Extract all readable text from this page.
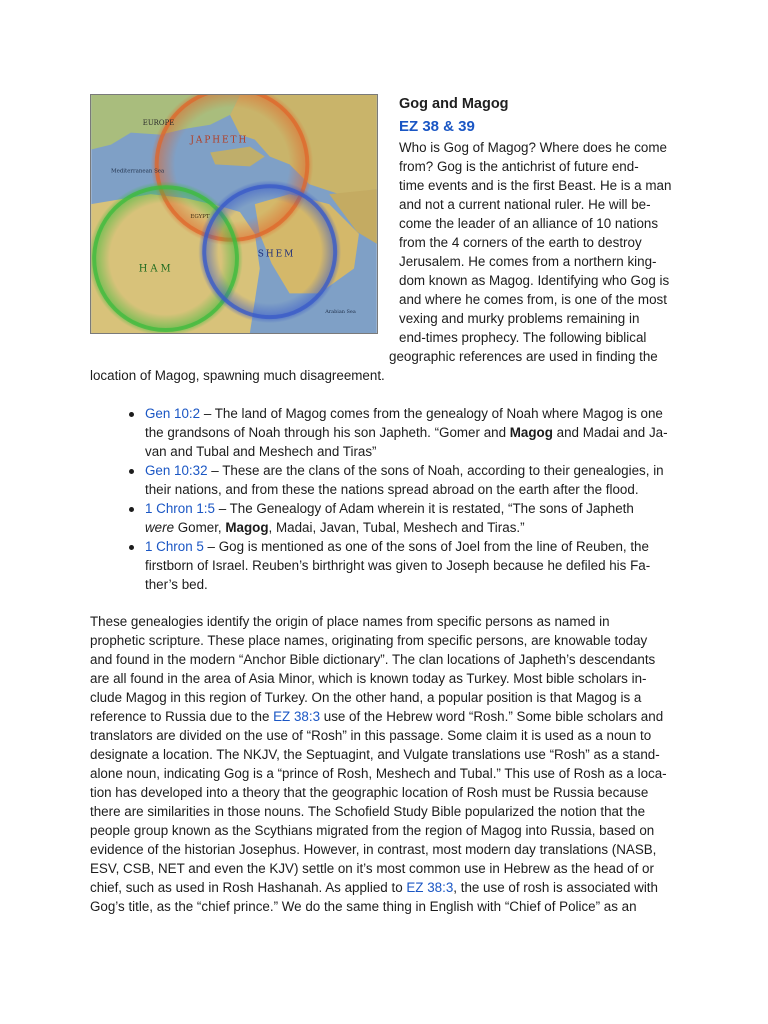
EUROPE
JAPHETH
HAM
SHEM
Mediterranean Sea
EGYPT
Arabian Sea
Gog and Magog
EZ 38 & 39

Who is Gog of Magog? Where does he come

from? Gog is the antichrist of future end-

time events and is the first Beast. He is a man

and not a current national ruler. He will be-

come the leader of an alliance of 10 nations

from the 4 corners of the earth to destroy

Jerusalem. He comes from a northern king-

dom known as Magog. Identifying who Gog is

and where he comes from, is one of the most

vexing and murky problems remaining in

end-times prophecy. The following biblical

geographic references are used in finding the

location of Magog, spawning much disagreement.

Gen 10:2 – The land of Magog comes from the genealogy of Noah where Magog is one

the grandsons of Noah through his son Japheth. “Gomer and Magog and Madai and Ja-

van and Tubal and Meshech and Tiras”

Gen 10:32 – These are the clans of the sons of Noah, according to their genealogies, in

their nations, and from these the nations spread abroad on the earth after the flood.

1 Chron 1:5 – The Genealogy of Adam wherein it is restated, “The sons of Japheth

were Gomer, Magog, Madai, Javan, Tubal, Meshech and Tiras.”

1 Chron 5 – Gog is mentioned as one of the sons of Joel from the line of Reuben, the

firstborn of Israel. Reuben’s birthright was given to Joseph because he defiled his Fa-

ther’s bed.

These genealogies identify the origin of place names from specific persons as named in

prophetic scripture. These place names, originating from specific persons, are knowable today

and found in the modern “Anchor Bible dictionary”. The clan locations of Japheth’s descendants

are all found in the area of Asia Minor, which is known today as Turkey. Most bible scholars in-

clude Magog in this region of Turkey. On the other hand, a popular position is that Magog is a

reference to Russia due to the EZ 38:3 use of the Hebrew word “Rosh.” Some bible scholars and

translators are divided on the use of “Rosh” in this passage. Some claim it is used as a noun to

designate a location. The NKJV, the Septuagint, and Vulgate translations use “Rosh” as a stand-

alone noun, indicating Gog is a “prince of Rosh, Meshech and Tubal.” This use of Rosh as a loca-

tion has developed into a theory that the geographic location of Rosh must be Russia because

there are similarities in those nouns. The Schofield Study Bible popularized the notion that the

people group known as the Scythians migrated from the region of Magog into Russia, based on

evidence of the historian Josephus. However, in contrast, most modern day translations (NASB,

ESV, CSB, NET and even the KJV) settle on it’s most common use in Hebrew as the head of or

chief, such as used in Rosh Hashanah. As applied to EZ 38:3, the use of rosh is associated with

Gog’s title, as the “chief prince.” We do the same thing in English with “Chief of Police” as an
